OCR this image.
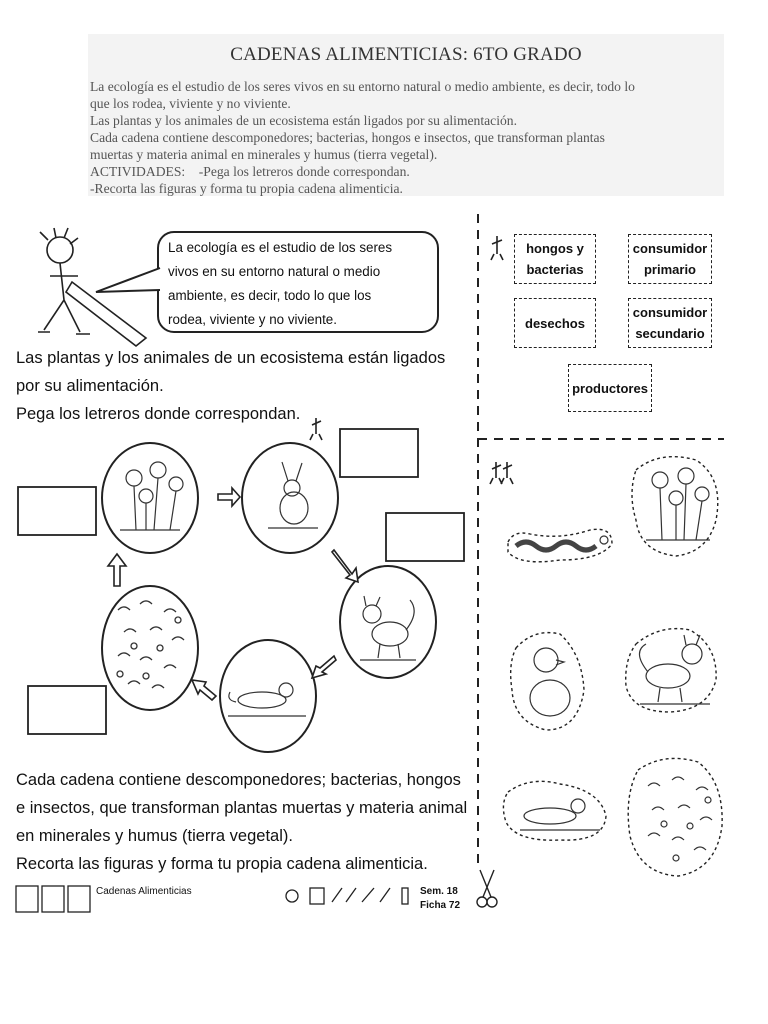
CADENAS ALIMENTICIAS: 6TO GRADO
La ecología es el estudio de los seres vivos en su entorno natural o medio ambiente, es decir, todo lo
que los rodea, viviente y no viviente.
Las plantas y los animales de un ecosistema están ligados por su alimentación.
Cada cadena contiene descomponedores; bacterias, hongos e insectos, que transforman plantas
muertas y materia animal en minerales y humus (tierra vegetal).
ACTIVIDADES:    -Pega los letreros donde correspondan.
-Recorta las figuras y forma tu propia cadena alimenticia.
La ecología es el estudio de los seres
vivos en su entorno natural o medio
ambiente, es decir, todo lo que los
rodea, viviente y no viviente.
Las plantas y los animales de un ecosistema están ligados
por su alimentación.
Pega los letreros donde correspondan.
Cada cadena contiene descomponedores; bacterias, hongos
e insectos, que transforman plantas muertas y materia animal
en minerales y humus (tierra vegetal).
Recorta las figuras y forma tu propia cadena alimenticia.
hongos y
bacterias
consumidor
primario
desechos
consumidor
secundario
productores
Cadenas Alimenticias	Sem. 18
Ficha 72
